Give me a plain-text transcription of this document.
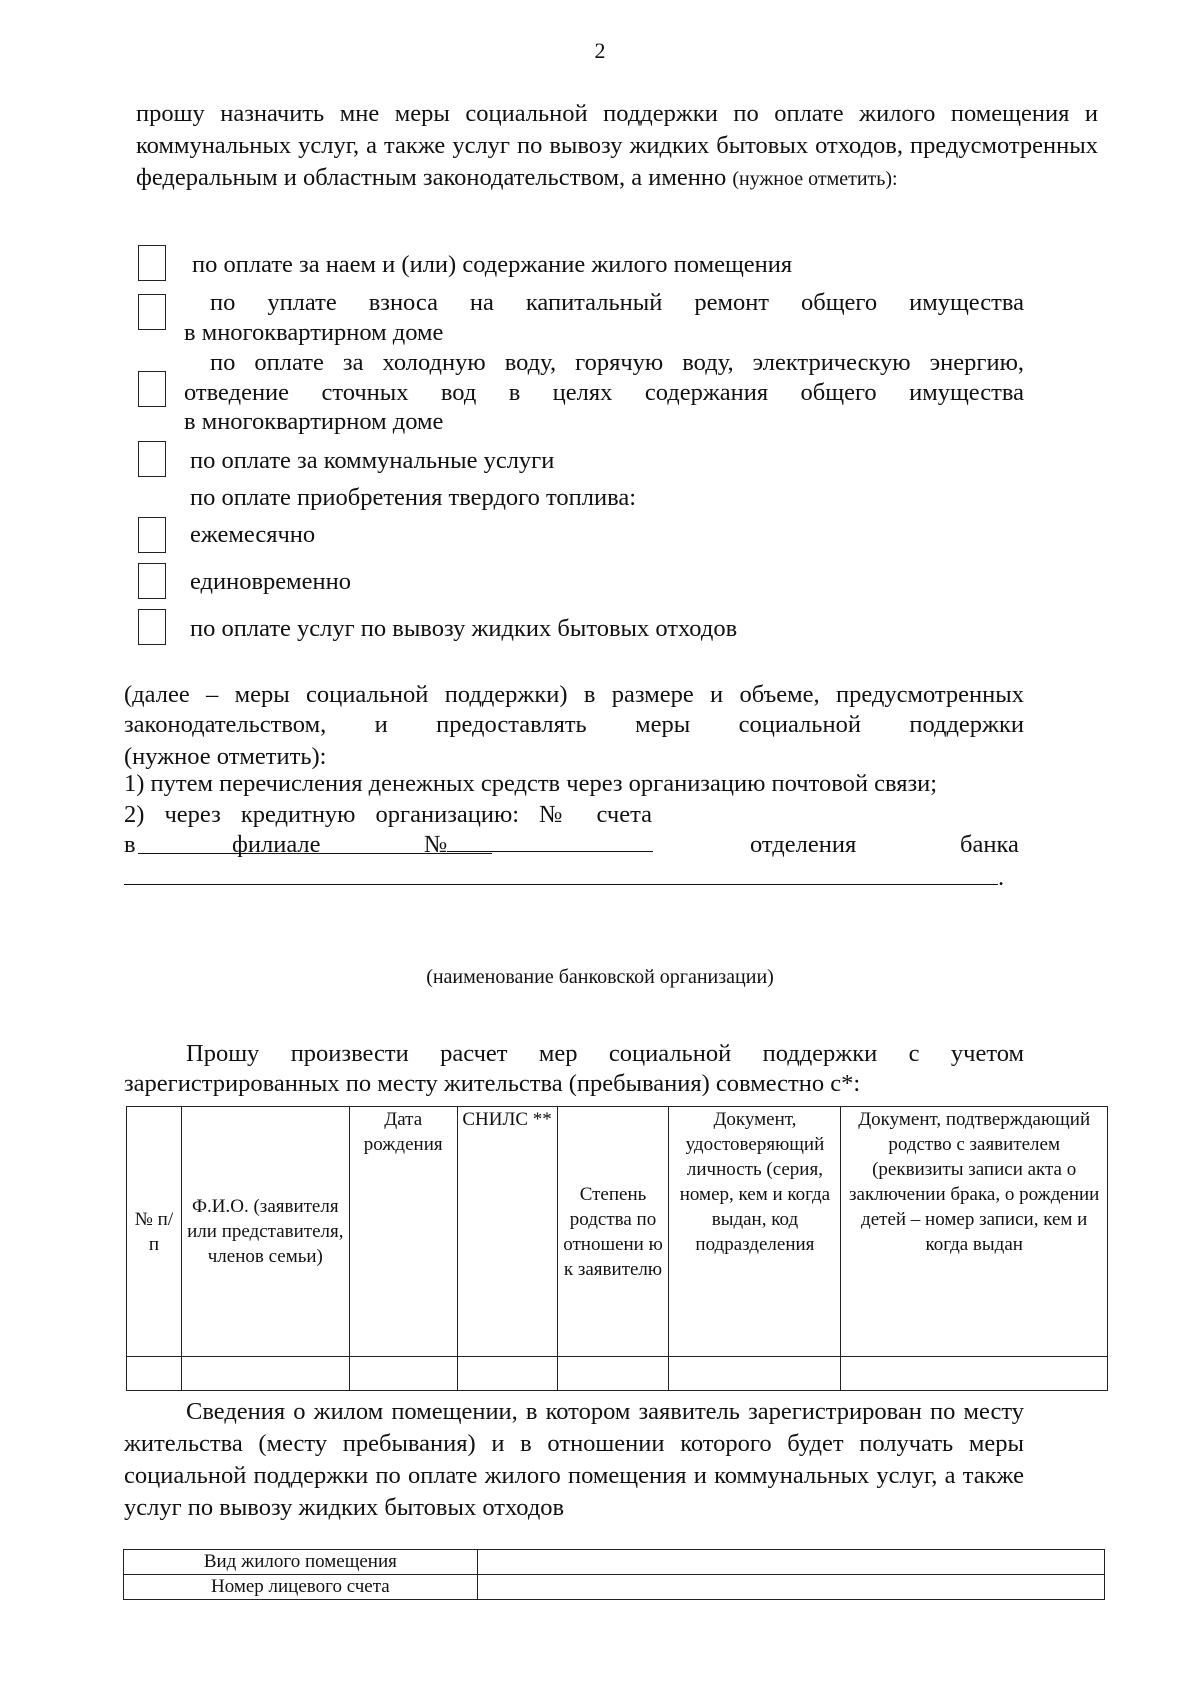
2
прошу назначить мне меры социальной поддержки по оплате жилого помещения и коммунальных услуг, а также услуг по вывозу жидких бытовых отходов, предусмотренных федеральным и областным законодательством, а именно (нужное отметить):
по оплате за наем и (или) содержание жилого помещения
по уплате взноса на капитальный ремонт общего имущества
в многоквартирном доме
по оплате за холодную воду, горячую воду, электрическую энергию,
отведение сточных вод в целях содержания общего имущества
в многоквартирном доме
по оплате за коммунальные услуги
по оплате приобретения твердого топлива:
ежемесячно
единовременно
по оплате услуг по вывозу жидких бытовых отходов
(далее – меры социальной поддержки) в размере и объеме, предусмотренных
законодательством, и предоставлять меры социальной поддержки
(нужное отметить):
1) путем перечисления денежных средств через организацию почтовой связи;
2) через кредитную организацию: № счета
в	филиале	№	отделения	банка
.
(наименование банковской организации)
Прошу произвести расчет мер социальной поддержки с учетом
зарегистрированных по месту жительства (пребывания) совместно с*:
№ п/п	Ф.И.О. (заявителя или представителя, членов семьи)	Дата рождения	СНИЛС **	Степень родства по отношени ю к заявителю	Документ, удостоверяющий личность (серия, номер, кем и когда выдан, код подразделения	Документ, подтверждающий родство с заявителем (реквизиты записи акта о заключении брака, о рождении детей – номер записи, кем и когда выдан

Сведения о жилом помещении, в котором заявитель зарегистрирован по месту жительства (месту пребывания) и в отношении которого будет получать меры социальной поддержки по оплате жилого помещения и коммунальных услуг, а также услуг по вывозу жидких бытовых отходов
Вид жилого помещения	
Номер лицевого счета	
